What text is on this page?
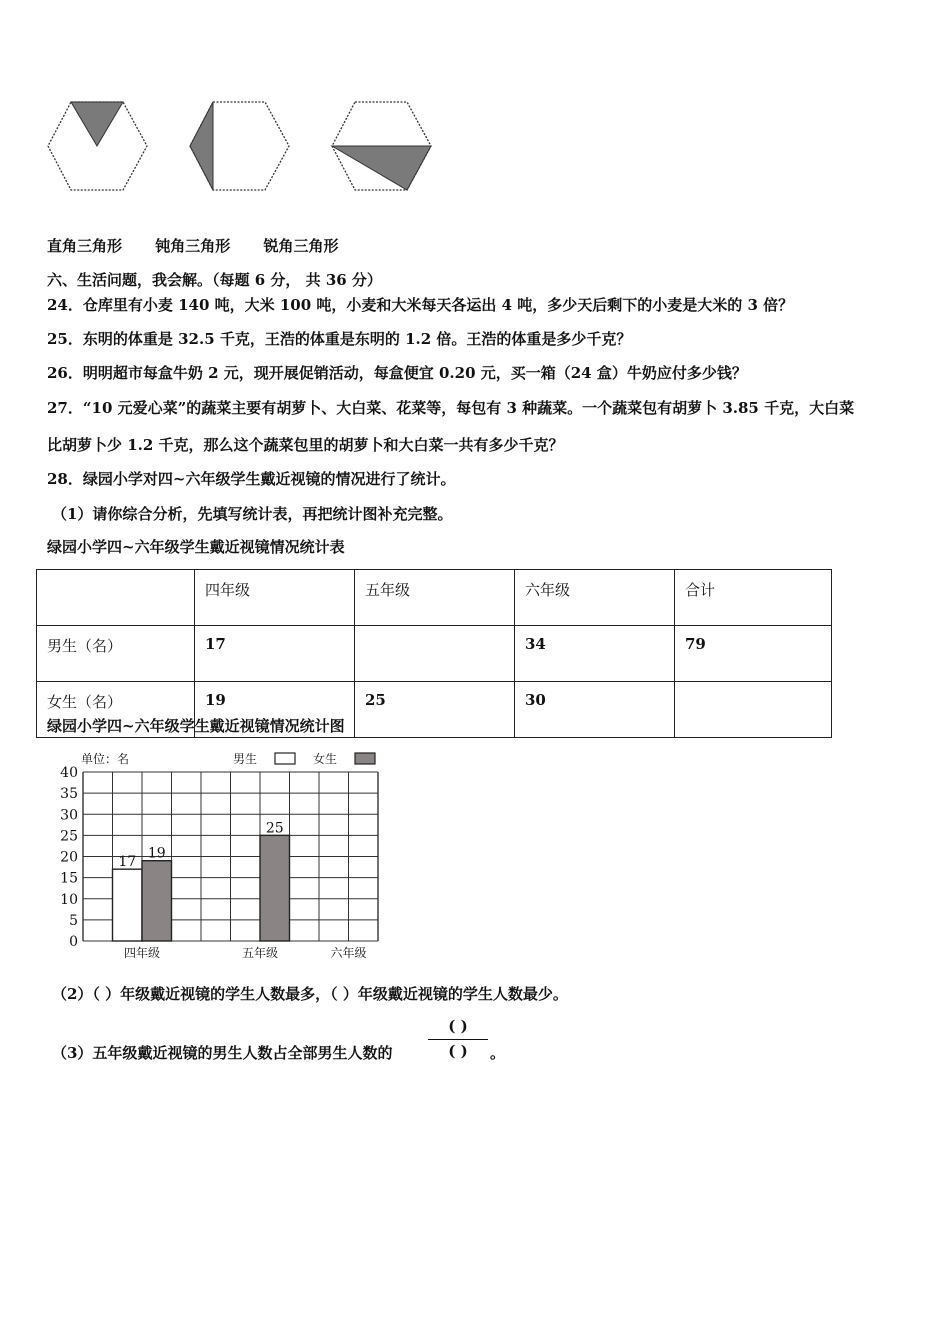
直角三角形 钝角三角形 锐角三角形
六、生活问题，我会解。（每题 6 分， 共 36 分）
24．仓库里有小麦 140 吨，大米 100 吨，小麦和大米每天各运出 4 吨，多少天后剩下的小麦是大米的 3 倍？
25．东明的体重是 32.5 千克，王浩的体重是东明的 1.2 倍。王浩的体重是多少千克？
26．明明超市每盒牛奶 2 元，现开展促销活动，每盒便宜 0.20 元，买一箱（24 盒）牛奶应付多少钱？
27．“10 元爱心菜”的蔬菜主要有胡萝卜、大白菜、花菜等，每包有 3 种蔬菜。一个蔬菜包有胡萝卜 3.85 千克，大白菜
比胡萝卜少 1.2 千克，那么这个蔬菜包里的胡萝卜和大白菜一共有多少千克？
28．绿园小学对四~六年级学生戴近视镜的情况进行了统计。
（1）请你综合分析，先填写统计表，再把统计图补充完整。
绿园小学四~六年级学生戴近视镜情况统计表
	四年级	五年级	六年级	合计
男生（名）	17		34	79
女生（名）	19	25	30	
绿园小学四~六年级学生戴近视镜情况统计图
0
5
10
15
20
25
30
35
40
单位：名	男生	女生
17
19
25
四年级	五年级	六年级
（2）（ ）年级戴近视镜的学生人数最多，（ ）年级戴近视镜的学生人数最少。
（3）五年级戴近视镜的男生人数占全部男生人数的
( )
( )	。
